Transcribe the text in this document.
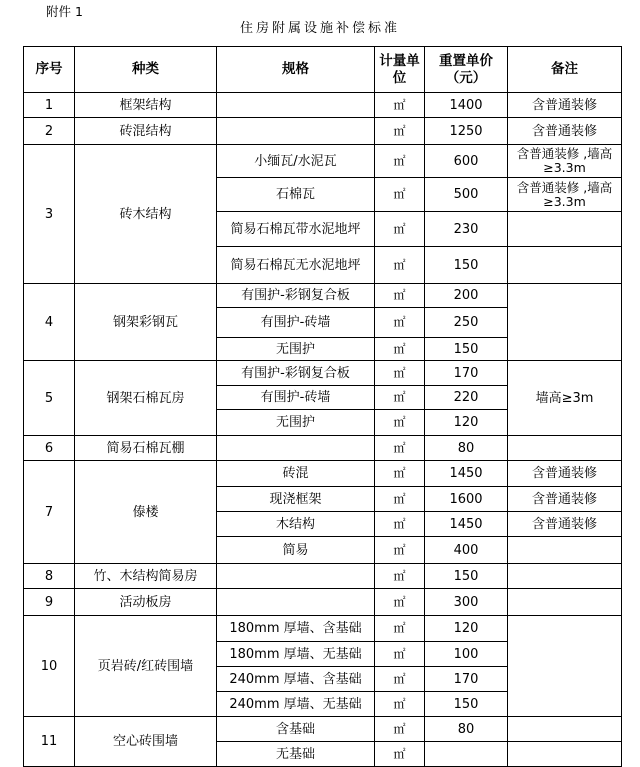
附件 1
住房附属设施补偿标准
序号	种类	规格	计量单位	重置单价（元）	备注
1	框架结构		㎡	1400	含普通装修
2	砖混结构		㎡	1250	含普通装修
3	砖木结构	小缅瓦/水泥瓦	㎡	600	含普通装修 ,墙高≥3.3m
		石棉瓦	㎡	500	含普通装修 ,墙高≥3.3m
		简易石棉瓦带水泥地坪	㎡	230	
		简易石棉瓦无水泥地坪	㎡	150	
4	钢架彩钢瓦	有围护-彩钢复合板	㎡	200	
		有围护-砖墙	㎡	250	
		无围护	㎡	150	
5	钢架石棉瓦房	有围护-彩钢复合板	㎡	170	墙高≥3m
		有围护-砖墙	㎡	220	
		无围护	㎡	120	
6	简易石棉瓦棚		㎡	80	
7	傣楼	砖混	㎡	1450	含普通装修
		现浇框架	㎡	1600	含普通装修
		木结构	㎡	1450	含普通装修
		简易	㎡	400	
8	竹、木结构简易房		㎡	150	
9	活动板房		㎡	300	
10	页岩砖/红砖围墙	180mm 厚墙、含基础	㎡	120	
		180mm 厚墙、无基础	㎡	100	
		240mm 厚墙、含基础	㎡	170	
		240mm 厚墙、无基础	㎡	150	
11	空心砖围墙	含基础	㎡	80	
		无基础	㎡		
